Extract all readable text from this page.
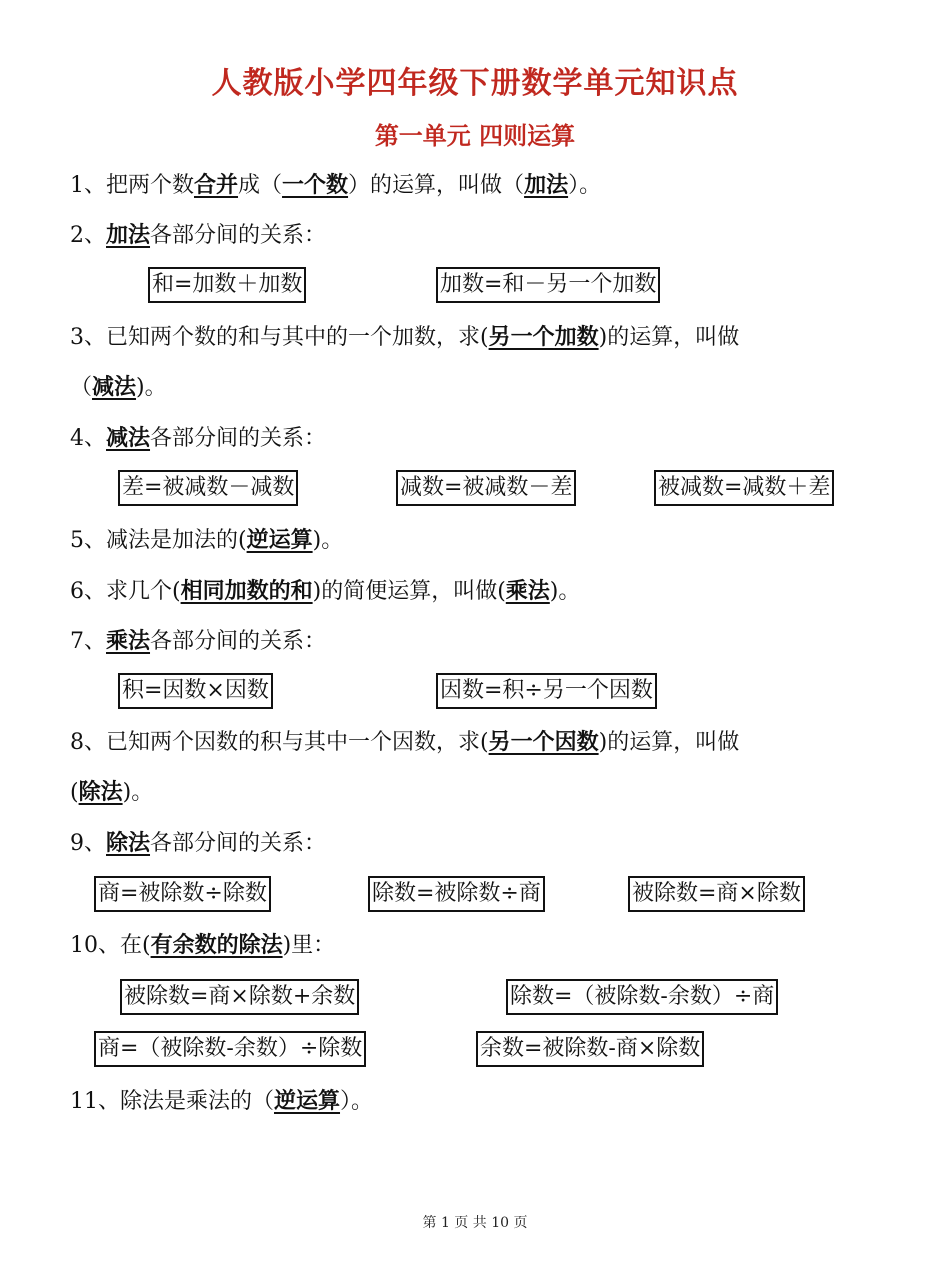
人教版小学四年级下册数学单元知识点
第一单元 四则运算
1、把两个数合并成（一个数）的运算，叫做（加法）。
2、加法各部分间的关系：
和=加数＋加数	加数=和－另一个加数
3、已知两个数的和与其中的一个加数，求(另一个加数)的运算，叫做
（减法)。
4、减法各部分间的关系：
差=被减数－减数	减数=被减数－差	被减数=减数＋差
5、减法是加法的(逆运算)。
6、求几个(相同加数的和)的简便运算，叫做(乘法)。
7、乘法各部分间的关系：
积=因数×因数	因数=积÷另一个因数
8、已知两个因数的积与其中一个因数，求(另一个因数)的运算，叫做
(除法)。
9、除法各部分间的关系：
商=被除数÷除数	除数=被除数÷商	被除数=商×除数
10、在(有余数的除法)里：
被除数=商×除数+余数	除数=（被除数-余数）÷商
商=（被除数-余数）÷除数	余数=被除数-商×除数
11、除法是乘法的（逆运算）。
第 1 页 共 10 页
